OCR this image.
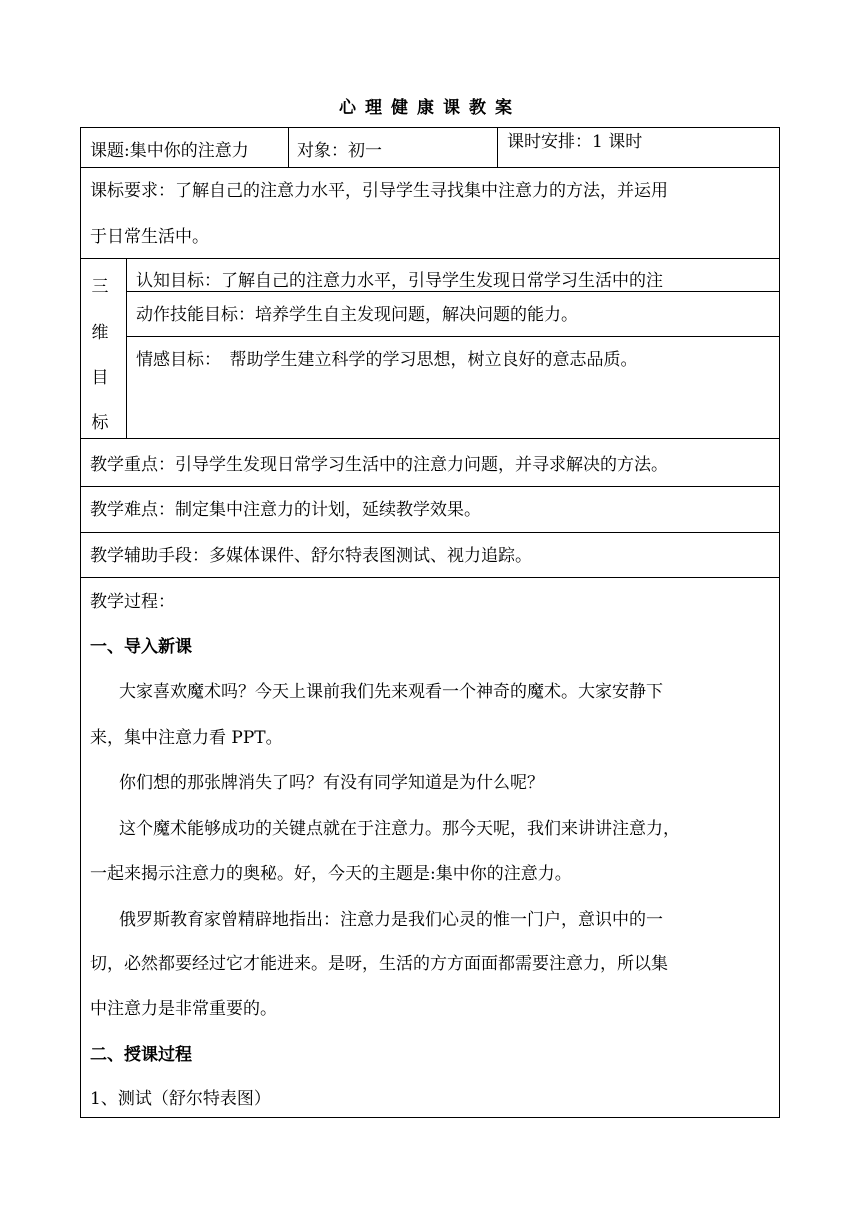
心理健康课教案
课题:集中你的注意力	对象：初一	课时安排：1 课时
课标要求：了解自己的注意力水平，引导学生寻找集中注意力的方法，并运用
于日常生活中。
三
维
目
标
认知目标：了解自己的注意力水平，引导学生发现日常学习生活中的注
动作技能目标：培养学生自主发现问题，解决问题的能力。
情感目标：　帮助学生建立科学的学习思想，树立良好的意志品质。
教学重点：引导学生发现日常学习生活中的注意力问题，并寻求解决的方法。
教学难点：制定集中注意力的计划，延续教学效果。
教学辅助手段：多媒体课件、舒尔特表图测试、视力追踪。
教学过程：
一、导入新课
大家喜欢魔术吗？今天上课前我们先来观看一个神奇的魔术。大家安静下
来，集中注意力看 PPT。
你们想的那张牌消失了吗？有没有同学知道是为什么呢？
这个魔术能够成功的关键点就在于注意力。那今天呢，我们来讲讲注意力，
一起来揭示注意力的奥秘。好，今天的主题是:集中你的注意力。
俄罗斯教育家曾精辟地指出：注意力是我们心灵的惟一门户，意识中的一
切，必然都要经过它才能进来。是呀，生活的方方面面都需要注意力，所以集
中注意力是非常重要的。
二、授课过程
1、测试（舒尔特表图）
